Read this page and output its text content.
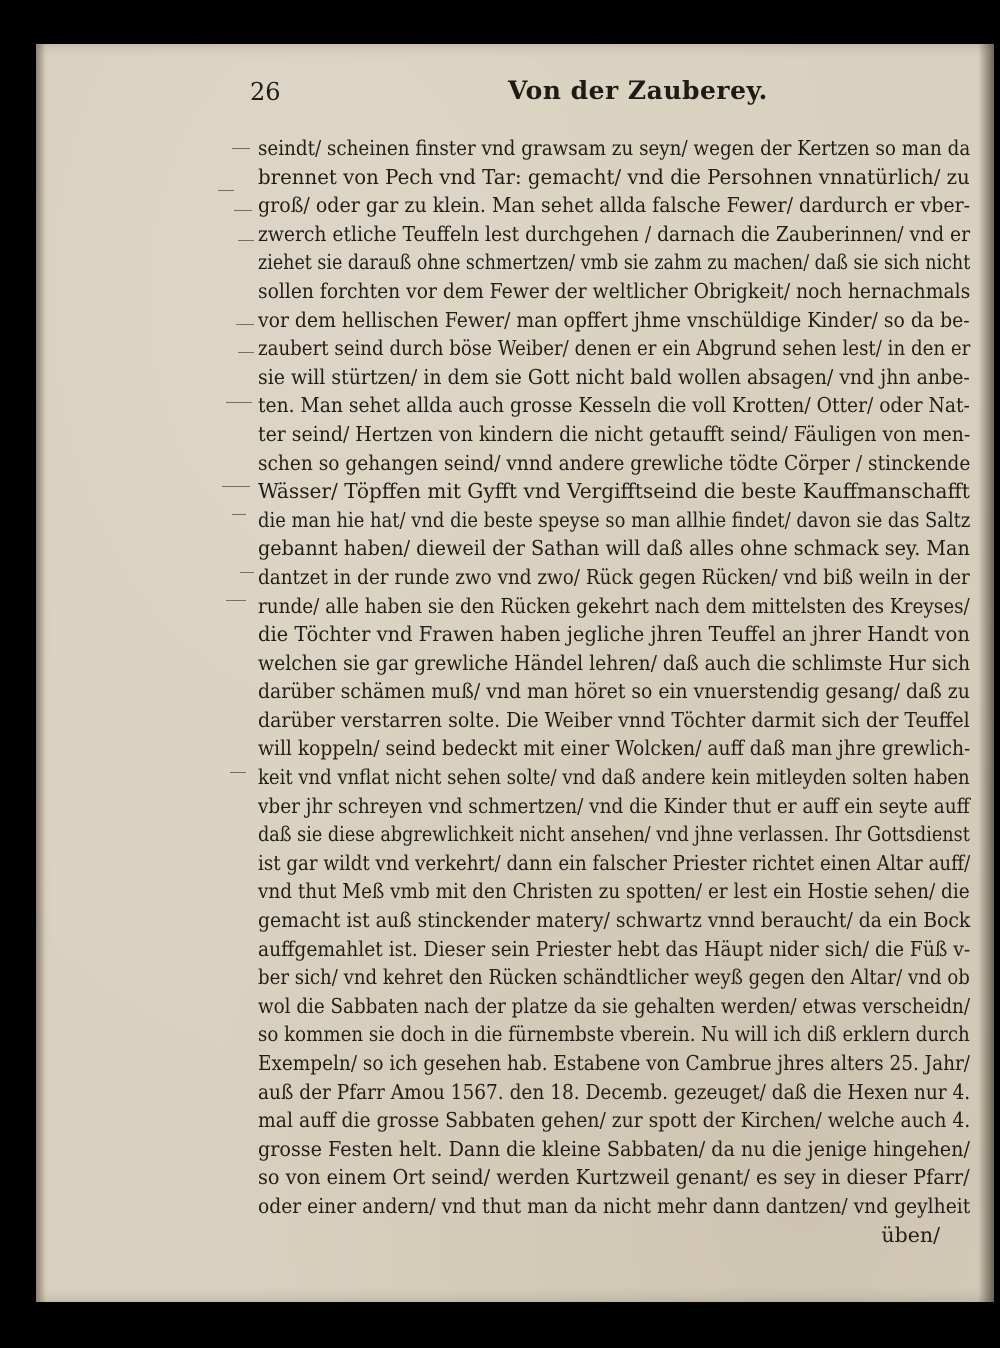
26	Von der Zauberey.
seindt/ scheinen finster vnd grawsam zu seyn/ wegen der Kertzen so man da
brennet von Pech vnd Tar: gemacht/ vnd die Persohnen vnnatürlich/ zu
groß/ oder gar zu klein. Man sehet allda falsche Fewer/ dardurch er vber-
zwerch etliche Teuffeln lest durchgehen / darnach die Zauberinnen/ vnd er
ziehet sie darauß ohne schmertzen/ vmb sie zahm zu machen/ daß sie sich nicht
sollen forchten vor dem Fewer der weltlicher Obrigkeit/ noch hernachmals
vor dem hellischen Fewer/ man opffert jhme vnschüldige Kinder/ so da be-
zaubert seind durch böse Weiber/ denen er ein Abgrund sehen lest/ in den er
sie will stürtzen/ in dem sie Gott nicht bald wollen absagen/ vnd jhn anbe-
ten. Man sehet allda auch grosse Kesseln die voll Krotten/ Otter/ oder Nat-
ter seind/ Hertzen von kindern die nicht getaufft seind/ Fäuligen von men-
schen so gehangen seind/ vnnd andere grewliche tödte Cörper / stinckende
Wässer/ Töpffen mit Gyfft vnd Vergifftseind die beste Kauffmanschafft
die man hie hat/ vnd die beste speyse so man allhie findet/ davon sie das Saltz
gebannt haben/ dieweil der Sathan will daß alles ohne schmack sey. Man
dantzet in der runde zwo vnd zwo/ Rück gegen Rücken/ vnd biß weiln in der
runde/ alle haben sie den Rücken gekehrt nach dem mittelsten des Kreyses/
die Töchter vnd Frawen haben jegliche jhren Teuffel an jhrer Handt von
welchen sie gar grewliche Händel lehren/ daß auch die schlimste Hur sich
darüber schämen muß/ vnd man höret so ein vnuerstendig gesang/ daß zu
darüber verstarren solte. Die Weiber vnnd Töchter darmit sich der Teuffel
will koppeln/ seind bedeckt mit einer Wolcken/ auff daß man jhre grewlich-
keit vnd vnflat nicht sehen solte/ vnd daß andere kein mitleyden solten haben
vber jhr schreyen vnd schmertzen/ vnd die Kinder thut er auff ein seyte auff
daß sie diese abgrewlichkeit nicht ansehen/ vnd jhne verlassen. Ihr Gottsdienst
ist gar wildt vnd verkehrt/ dann ein falscher Priester richtet einen Altar auff/
vnd thut Meß vmb mit den Christen zu spotten/ er lest ein Hostie sehen/ die
gemacht ist auß stinckender matery/ schwartz vnnd beraucht/ da ein Bock
auffgemahlet ist. Dieser sein Priester hebt das Häupt nider sich/ die Füß v-
ber sich/ vnd kehret den Rücken schändtlicher weyß gegen den Altar/ vnd ob
wol die Sabbaten nach der platze da sie gehalten werden/ etwas verscheidn/
so kommen sie doch in die fürnembste vberein. Nu will ich diß erklern durch
Exempeln/ so ich gesehen hab. Estabene von Cambrue jhres alters 25. Jahr/
auß der Pfarr Amou 1567. den 18. Decemb. gezeuget/ daß die Hexen nur 4.
mal auff die grosse Sabbaten gehen/ zur spott der Kirchen/ welche auch 4.
grosse Festen helt. Dann die kleine Sabbaten/ da nu die jenige hingehen/
so von einem Ort seind/ werden Kurtzweil genant/ es sey in dieser Pfarr/
oder einer andern/ vnd thut man da nicht mehr dann dantzen/ vnd geylheit
üben/
